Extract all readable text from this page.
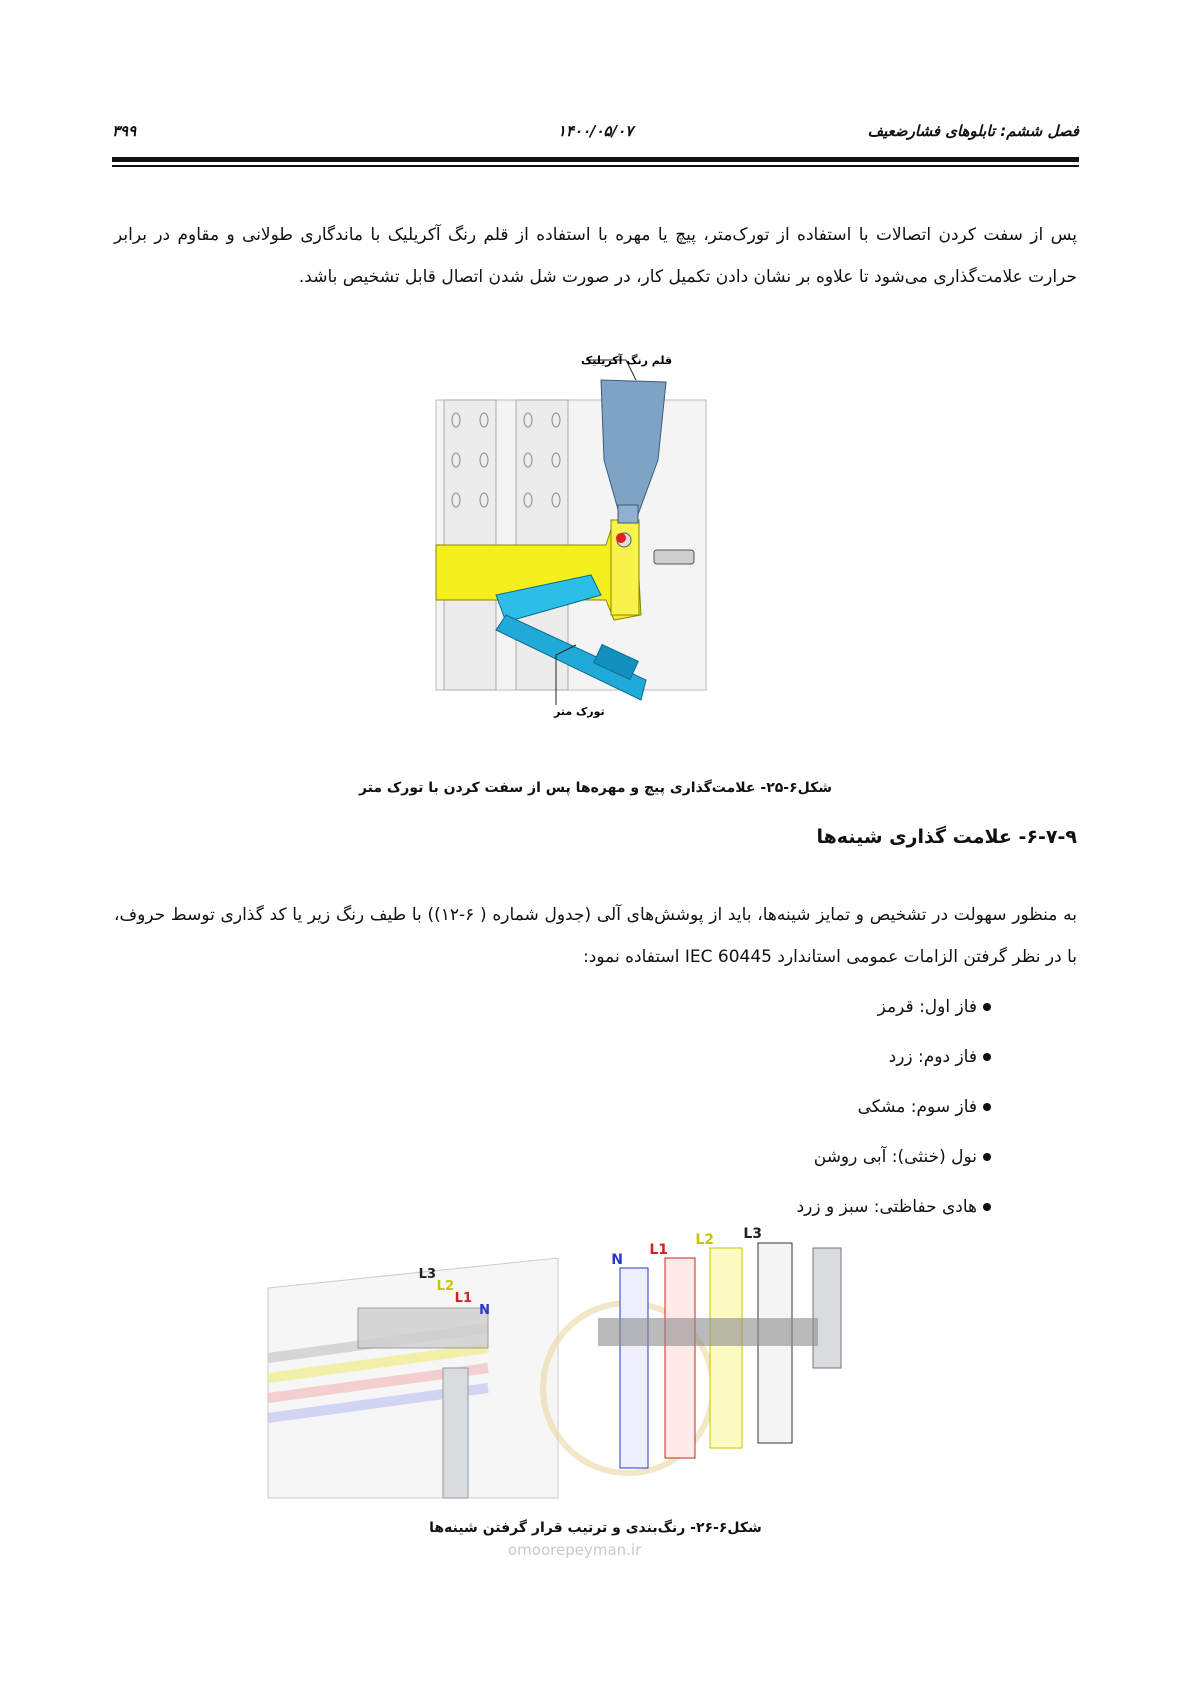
۳۹۹	۱۴۰۰/۰۵/۰۷	فصل ششم: تابلوهای فشارضعیف

پس از سفت کردن اتصالات با استفاده از تورک‌متر، پیچ یا مهره با استفاده از قلم رنگ آکریلیک با ماندگاری طولانی و مقاوم در برابر حرارت علامت‌گذاری می‌شود تا علاوه بر نشان دادن تکمیل کار، در صورت شل شدن اتصال قابل تشخیص باشد.

قلم رنگ آکریلیک
تورک متر
شکل۶-۲۵- علامت‌گذاری پیچ و مهره‌ها پس از سفت کردن با تورک متر
۶-۷-۹- علامت گذاری شینه‌ها

به منظور سهولت در تشخیص و تمایز شینه‌ها، باید از پوشش‌های آلی (جدول شماره ( ۶-۱۲)) با طیف رنگ زیر یا کد گذاری توسط حروف، با در نظر گرفتن الزامات عمومی استاندارد IEC 60445 استفاده نمود:

فاز اول: قرمز
فاز دوم: زرد
فاز سوم: مشکی
نول (خنثی): آبی روشن
هادی حفاظتی: سبز و زرد
L3
L2
L1
N
N
L1
L2 L3
شکل۶-۲۶- رنگ‌بندی و ترتیب قرار گرفتن شینه‌ها
omoorepeyman.ir
